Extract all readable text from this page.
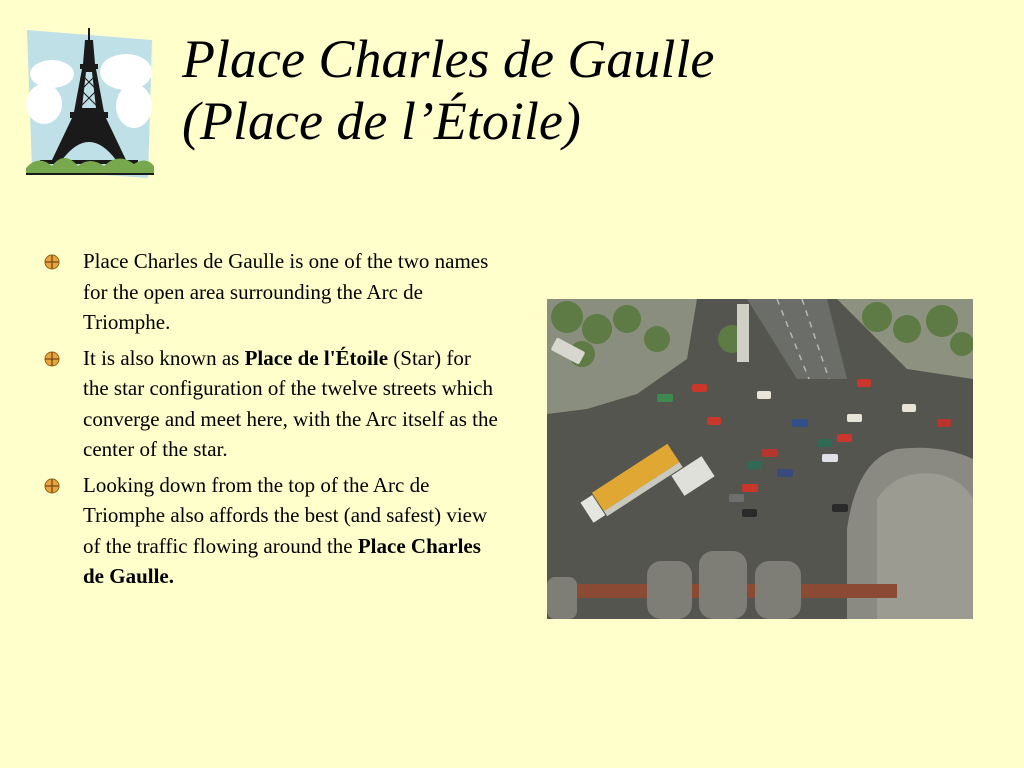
Place Charles de Gaulle
(Place de l’Étoile)
Place Charles de Gaulle is one of the two names for the open area surrounding the Arc de Triomphe.
It is also known as Place de l'Étoile (Star) for the star configuration of the twelve streets which converge and meet here, with the Arc itself as the center of the star.
Looking down from the top of the Arc de Triomphe also affords the best (and safest) view of the traffic flowing around the Place Charles de Gaulle.
